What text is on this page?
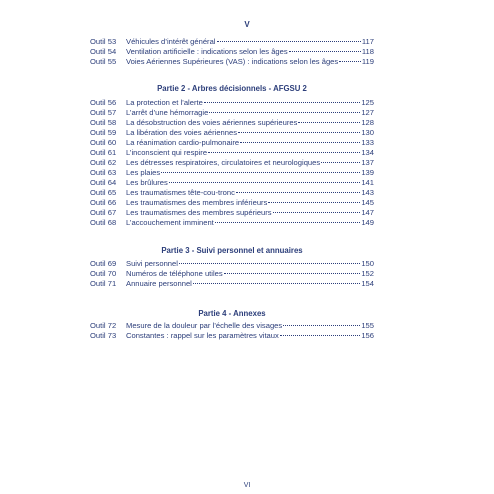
V
Outil 53	Véhicules d’intérêt général	117
Outil 54	Ventilation artificielle : indications selon les âges	118
Outil 55	Voies Aériennes Supérieures (VAS) : indications selon les âges	119
Partie 2 - Arbres décisionnels - AFGSU 2
Outil 56	La protection et l’alerte	125
Outil 57	L’arrêt d’une hémorragie	127
Outil 58	La désobstruction des voies aériennes supérieures	128
Outil 59	La libération des voies aériennes	130
Outil 60	La réanimation cardio-pulmonaire	133
Outil 61	L’inconscient qui respire	134
Outil 62	Les détresses respiratoires, circulatoires et neurologiques	137
Outil 63	Les plaies	139
Outil 64	Les brûlures	141
Outil 65	Les traumatismes tête-cou-tronc	143
Outil 66	Les traumatismes des membres inférieurs	145
Outil 67	Les traumatismes des membres supérieurs	147
Outil 68	L’accouchement imminent	149
Partie 3 - Suivi personnel et annuaires
Outil 69	Suivi personnel	150
Outil 70	Numéros de téléphone utiles	152
Outil 71	Annuaire personnel	154
Partie 4 - Annexes
Outil 72	Mesure de la douleur par l’échelle des visages	155
Outil 73	Constantes : rappel sur les paramètres vitaux	156
VI
